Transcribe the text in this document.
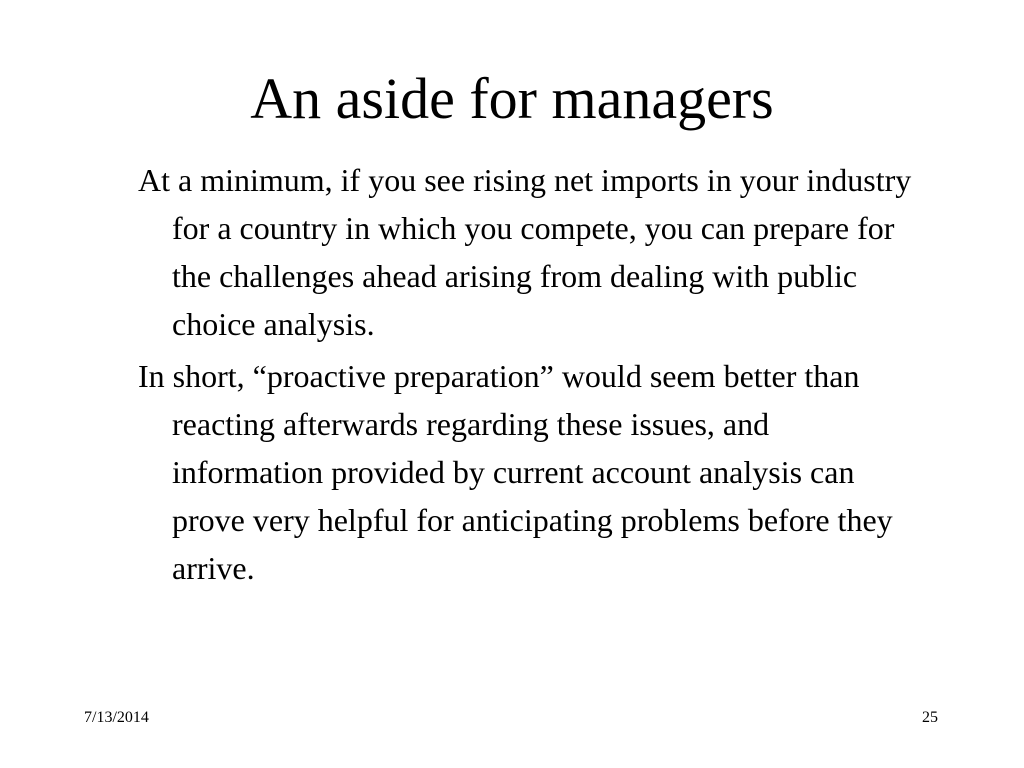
An aside for managers
At a minimum, if you see rising net imports in your industry for a country in which you compete, you can prepare for the challenges ahead arising from dealing with public choice analysis.
In short, “proactive preparation” would seem better than reacting afterwards regarding these issues, and information provided by current account analysis can prove very helpful for anticipating problems before they arrive.
7/13/2014	25
